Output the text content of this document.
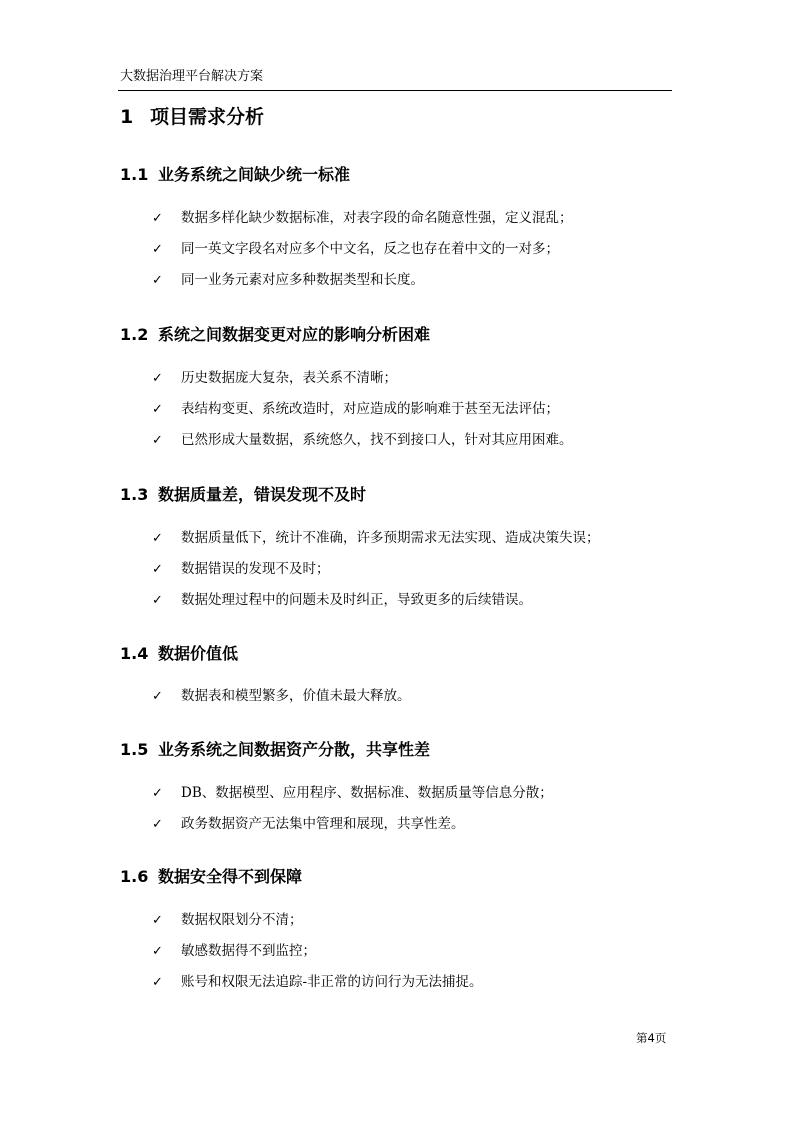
大数据治理平台解决方案
1 项目需求分析
1.1 业务系统之间缺少统一标准
✓ 数据多样化缺少数据标准，对表字段的命名随意性强，定义混乱；
✓ 同一英文字段名对应多个中文名，反之也存在着中文的一对多；
✓ 同一业务元素对应多种数据类型和长度。
1.2 系统之间数据变更对应的影响分析困难
✓ 历史数据庞大复杂，表关系不清晰；
✓ 表结构变更、系统改造时，对应造成的影响难于甚至无法评估；
✓ 已然形成大量数据，系统悠久，找不到接口人，针对其应用困难。
1.3 数据质量差，错误发现不及时
✓ 数据质量低下，统计不准确，许多预期需求无法实现、造成决策失误；
✓ 数据错误的发现不及时；
✓ 数据处理过程中的问题未及时纠正，导致更多的后续错误。
1.4 数据价值低
✓ 数据表和模型繁多，价值未最大释放。
1.5 业务系统之间数据资产分散，共享性差
✓ DB、数据模型、应用程序、数据标准、数据质量等信息分散；
✓ 政务数据资产无法集中管理和展现，共享性差。
1.6 数据安全得不到保障
✓ 数据权限划分不清；
✓ 敏感数据得不到监控；
✓ 账号和权限无法追踪-非正常的访问行为无法捕捉。
第4页
